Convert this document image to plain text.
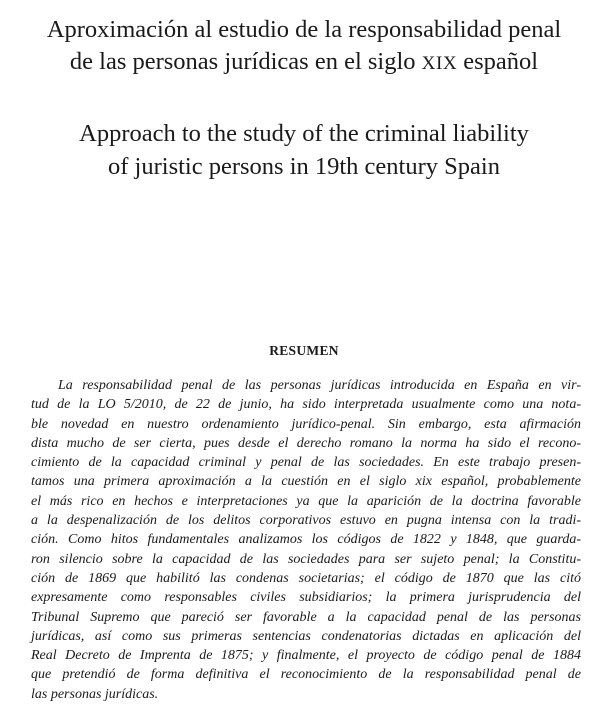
Aproximación al estudio de la responsabilidad penal
de las personas jurídicas en el siglo XIX español
Approach to the study of the criminal liability
of juristic persons in 19th century Spain
RESUMEN
La responsabilidad penal de las personas jurídicas introducida en España en vir-
tud de la LO 5/2010, de 22 de junio, ha sido interpretada usualmente como una nota-
ble novedad en nuestro ordenamiento jurídico-penal. Sin embargo, esta afirmación
dista mucho de ser cierta, pues desde el derecho romano la norma ha sido el recono-
cimiento de la capacidad criminal y penal de las sociedades. En este trabajo presen-
tamos una primera aproximación a la cuestión en el siglo xix español, probablemente
el más rico en hechos e interpretaciones ya que la aparición de la doctrina favorable
a la despenalización de los delitos corporativos estuvo en pugna intensa con la tradi-
ción. Como hitos fundamentales analizamos los códigos de 1822 y 1848, que guarda-
ron silencio sobre la capacidad de las sociedades para ser sujeto penal; la Constitu-
ción de 1869 que habilitó las condenas societarias; el código de 1870 que las citó
expresamente como responsables civiles subsidiarios; la primera jurisprudencia del
Tribunal Supremo que pareció ser favorable a la capacidad penal de las personas
jurídicas, así como sus primeras sentencias condenatorias dictadas en aplicación del
Real Decreto de Imprenta de 1875; y finalmente, el proyecto de código penal de 1884
que pretendió de forma definitiva el reconocimiento de la responsabilidad penal de
las personas jurídicas.
